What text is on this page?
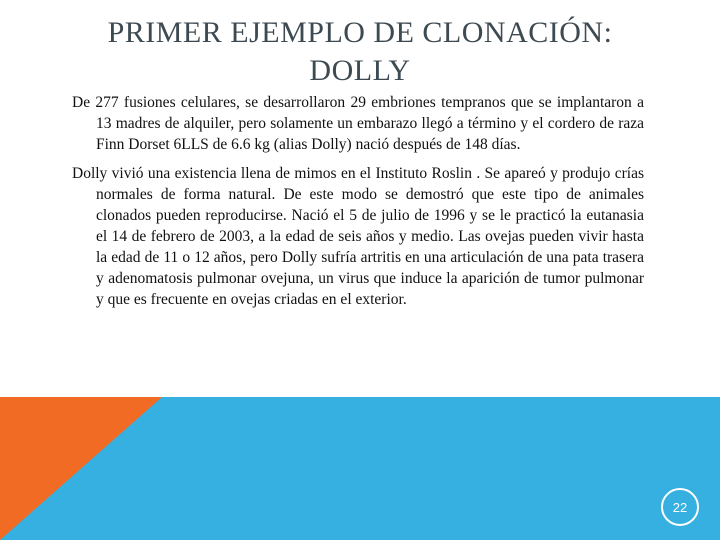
PRIMER EJEMPLO DE CLONACIÓN:
DOLLY

De 277 fusiones celulares, se desarrollaron 29 embriones tempranos que se implantaron a 13 madres de alquiler, pero solamente un embarazo llegó a término y el cordero de raza Finn Dorset 6LLS de 6.6 kg (alias Dolly) nació después de 148 días.

Dolly vivió una existencia llena de mimos en el Instituto Roslin . Se apareó y produjo crías normales de forma natural. De este modo se demostró que este tipo de animales clonados pueden reproducirse. Nació el 5 de julio de 1996 y se le practicó la eutanasia el 14 de febrero de 2003, a la edad de seis años y medio. Las ovejas pueden vivir hasta la edad de 11 o 12 años, pero Dolly sufría artritis en una articulación de una pata trasera y adenomatosis pulmonar ovejuna, un virus que induce la aparición de tumor pulmonar y que es frecuente en ovejas criadas en el exterior.

22
